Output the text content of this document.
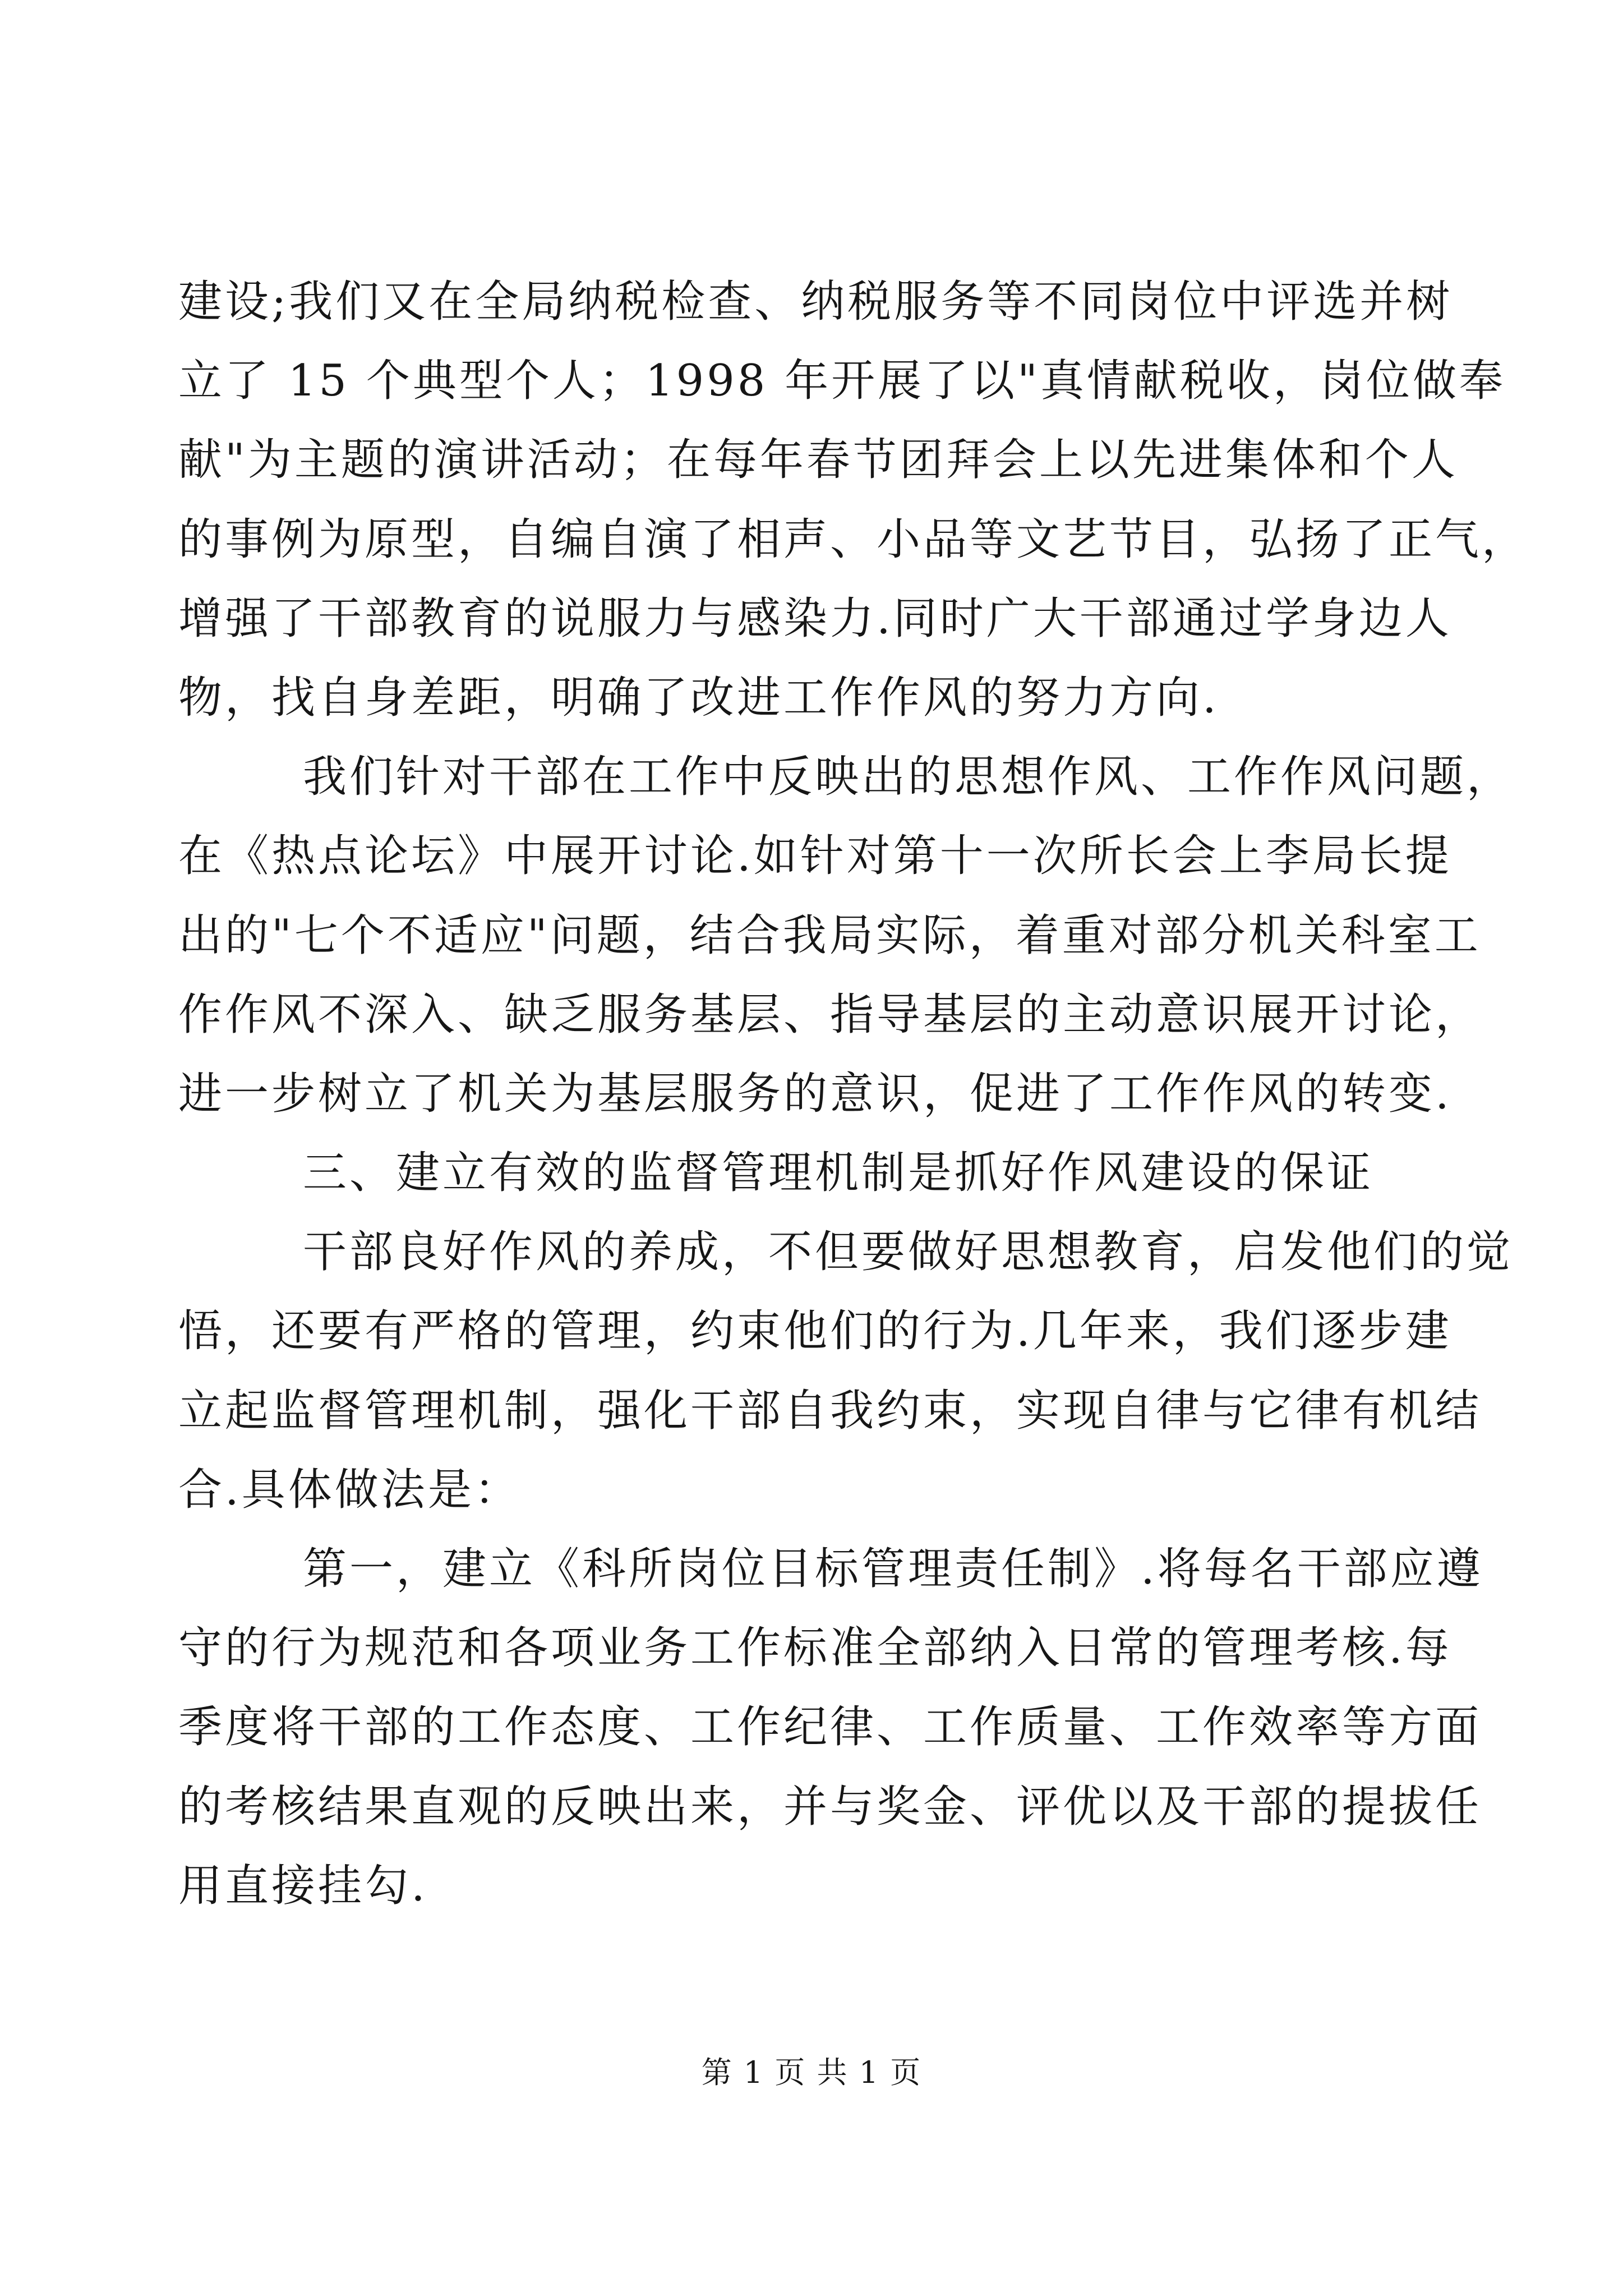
建设;我们又在全局纳税检查、纳税服务等不同岗位中评选并树
立了 15 个典型个人；1998 年开展了以"真情献税收，岗位做奉
献"为主题的演讲活动；在每年春节团拜会上以先进集体和个人
的事例为原型，自编自演了相声、小品等文艺节目，弘扬了正气，
增强了干部教育的说服力与感染力.同时广大干部通过学身边人
物，找自身差距，明确了改进工作作风的努力方向.
我们针对干部在工作中反映出的思想作风、工作作风问题，
在《热点论坛》中展开讨论.如针对第十一次所长会上李局长提
出的"七个不适应"问题，结合我局实际，着重对部分机关科室工
作作风不深入、缺乏服务基层、指导基层的主动意识展开讨论，
进一步树立了机关为基层服务的意识，促进了工作作风的转变.
三、建立有效的监督管理机制是抓好作风建设的保证
干部良好作风的养成，不但要做好思想教育，启发他们的觉
悟，还要有严格的管理，约束他们的行为.几年来，我们逐步建
立起监督管理机制，强化干部自我约束，实现自律与它律有机结
合.具体做法是：
第一，建立《科所岗位目标管理责任制》.将每名干部应遵
守的行为规范和各项业务工作标准全部纳入日常的管理考核.每
季度将干部的工作态度、工作纪律、工作质量、工作效率等方面
的考核结果直观的反映出来，并与奖金、评优以及干部的提拔任
用直接挂勾.
第 1 页 共 1 页
